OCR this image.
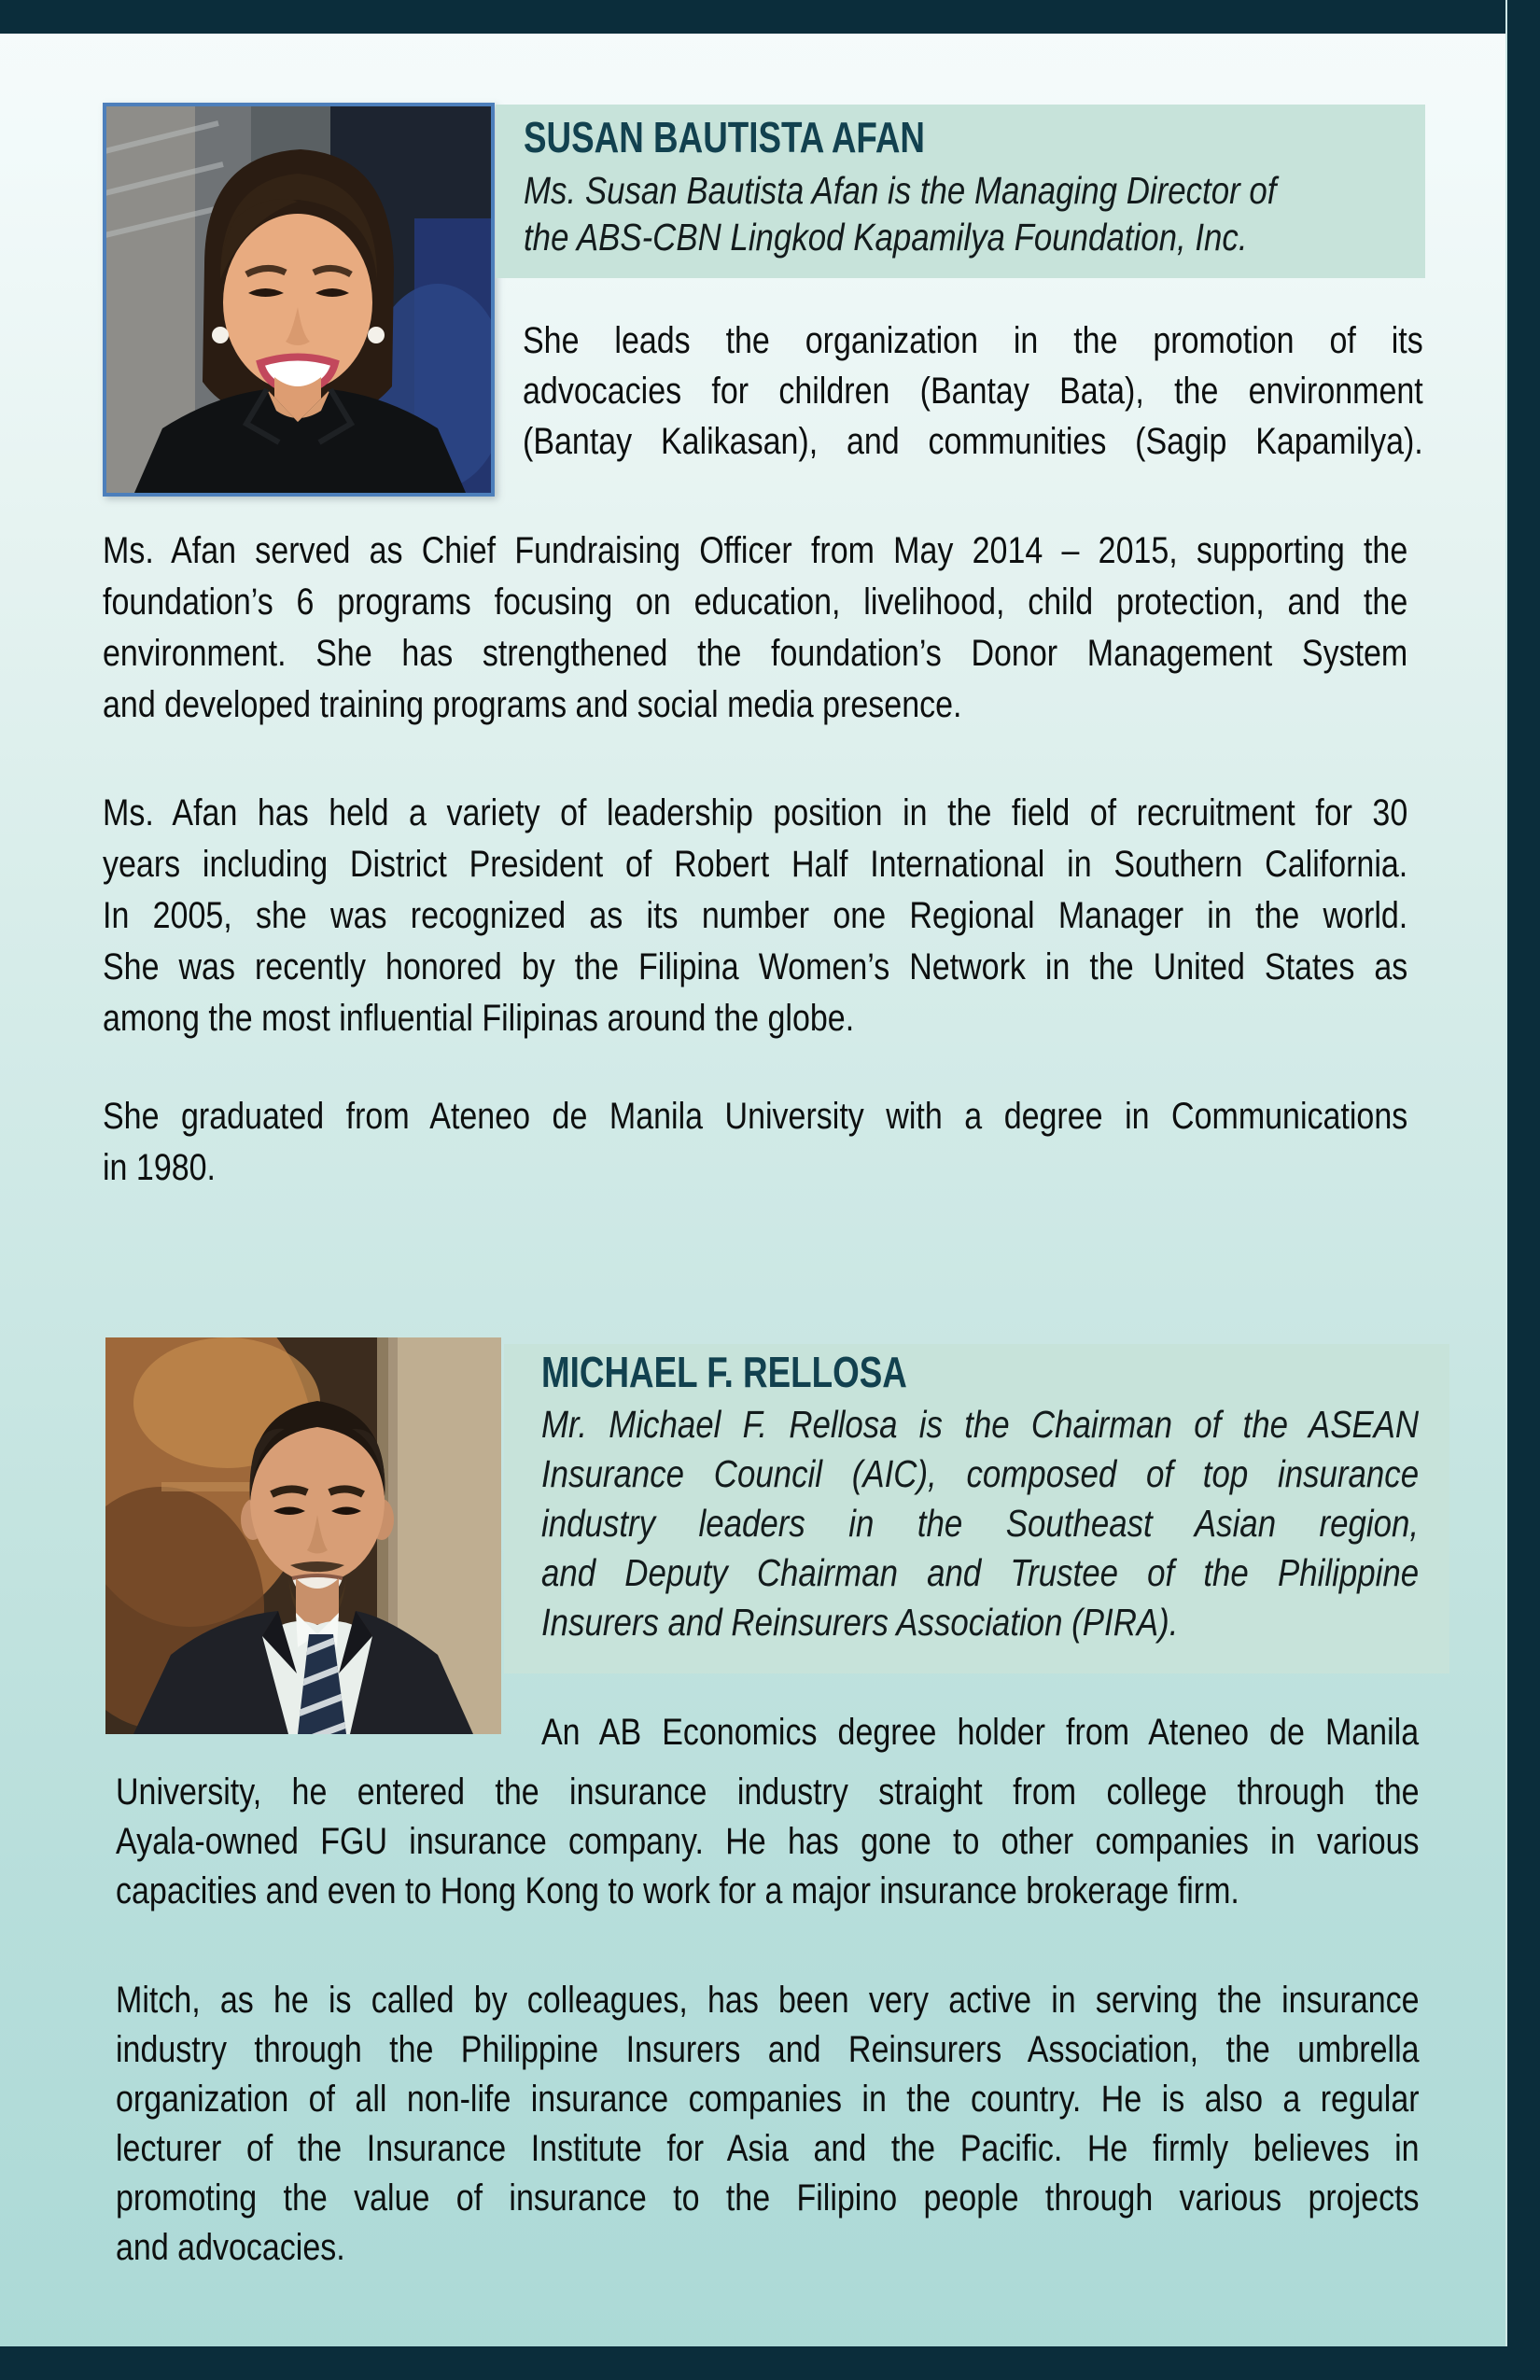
SUSAN BAUTISTA AFAN
Ms. Susan Bautista Afan is the Managing Director of
the ABS-CBN Lingkod Kapamilya Foundation, Inc.
She leads the organization in the promotion of its
advocacies for children (Bantay Bata), the environment
(Bantay Kalikasan), and communities (Sagip Kapamilya).
Ms. Afan served as Chief Fundraising Officer from May 2014 – 2015, supporting the
foundation’s 6 programs focusing on education, livelihood, child protection, and the
environment. She has strengthened the foundation’s Donor Management System
and developed training programs and social media presence.
Ms. Afan has held a variety of leadership position in the field of recruitment for 30
years including District President of Robert Half International in Southern California.
In 2005, she was recognized as its number one Regional Manager in the world.
She was recently honored by the Filipina Women’s Network in the United States as
among the most influential Filipinas around the globe.
She graduated from Ateneo de Manila University with a degree in Communications
in 1980.
MICHAEL F. RELLOSA
Mr. Michael F. Rellosa is the Chairman of the ASEAN
Insurance Council (AIC), composed of top insurance
industry leaders in the Southeast Asian region,
and Deputy Chairman and Trustee of the Philippine
Insurers and Reinsurers Association (PIRA).
An AB Economics degree holder from Ateneo de Manila
University, he entered the insurance industry straight from college through the
Ayala-owned FGU insurance company. He has gone to other companies in various
capacities and even to Hong Kong to work for a major insurance brokerage firm.
Mitch, as he is called by colleagues, has been very active in serving the insurance
industry through the Philippine Insurers and Reinsurers Association, the umbrella
organization of all non-life insurance companies in the country. He is also a regular
lecturer of the Insurance Institute for Asia and the Pacific. He firmly believes in
promoting the value of insurance to the Filipino people through various projects
and advocacies.
